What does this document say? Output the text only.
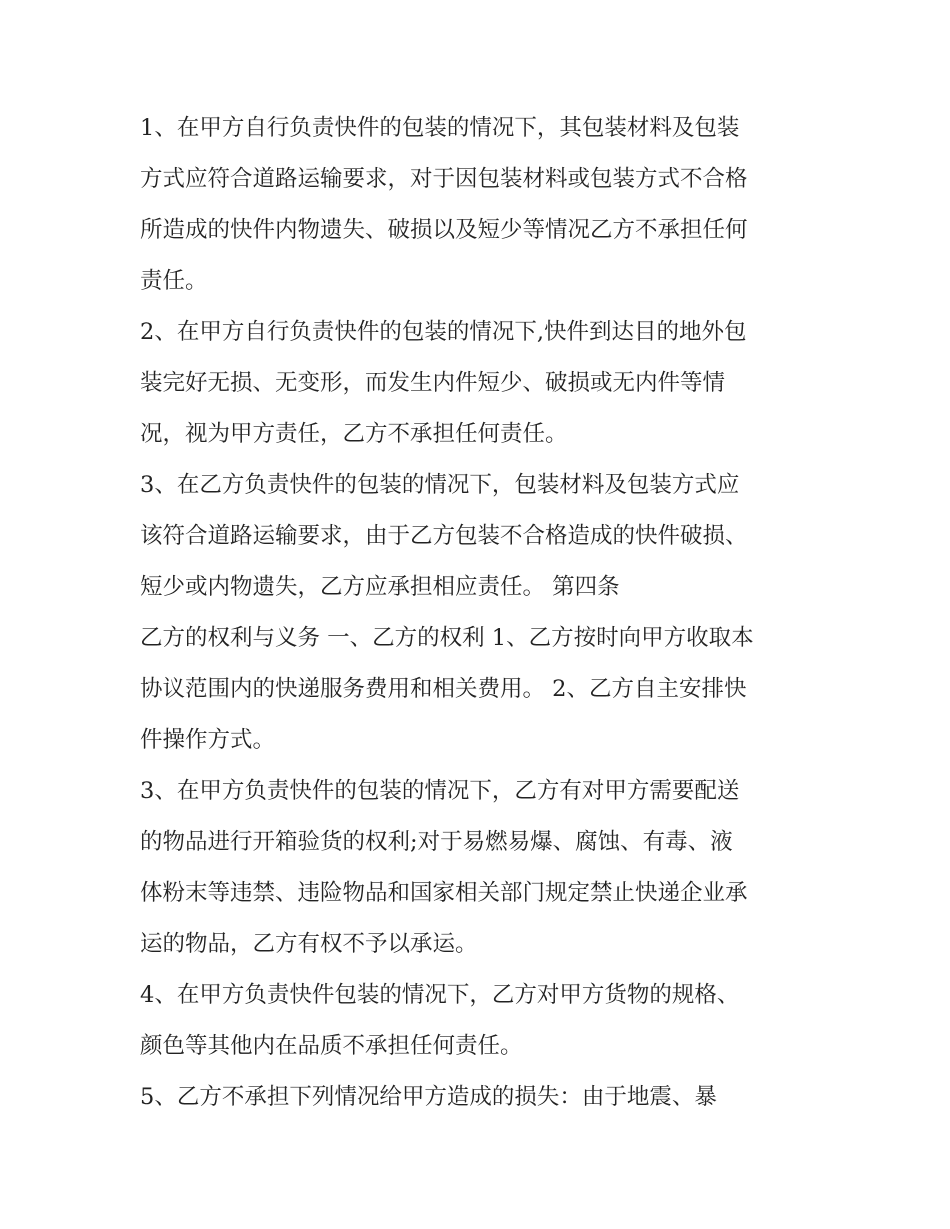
1、在甲方自行负责快件的包装的情况下，其包装材料及包装
方式应符合道路运输要求，对于因包装材料或包装方式不合格
所造成的快件内物遗失、破损以及短少等情况乙方不承担任何
责任。
2、在甲方自行负责快件的包装的情况下,快件到达目的地外包
装完好无损、无变形，而发生内件短少、破损或无内件等情
况，视为甲方责任，乙方不承担任何责任。
3、在乙方负责快件的包装的情况下，包装材料及包装方式应
该符合道路运输要求，由于乙方包装不合格造成的快件破损、
短少或内物遗失，乙方应承担相应责任。 第四条
乙方的权利与义务 一、乙方的权利 1、乙方按时向甲方收取本
协议范围内的快递服务费用和相关费用。 2、乙方自主安排快
件操作方式。
3、在甲方负责快件的包装的情况下，乙方有对甲方需要配送
的物品进行开箱验货的权利;对于易燃易爆、腐蚀、有毒、液
体粉末等违禁、违险物品和国家相关部门规定禁止快递企业承
运的物品，乙方有权不予以承运。
4、在甲方负责快件包装的情况下，乙方对甲方货物的规格、
颜色等其他内在品质不承担任何责任。
5、乙方不承担下列情况给甲方造成的损失：由于地震、暴
